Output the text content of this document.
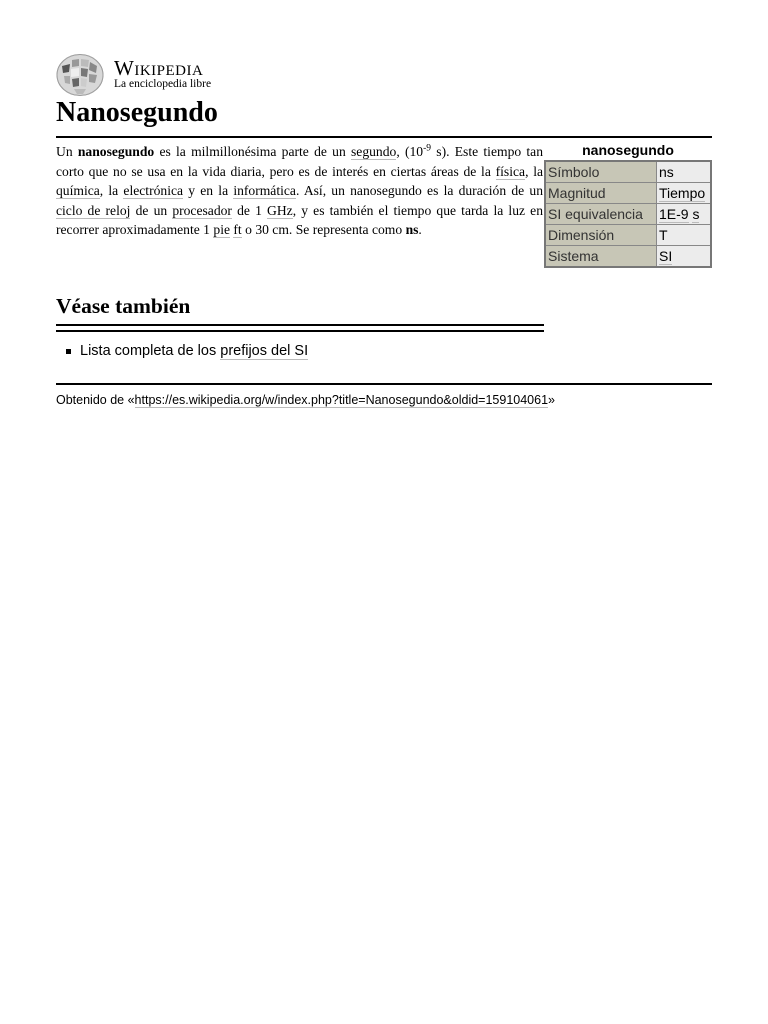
Wikipedia
La enciclopedia libre
Nanosegundo
Un nanosegundo es la milmillonésima parte de un segundo, ($10^{-9}$ s). Este tiempo tan corto que no se usa en la vida diaria, pero es de interés en ciertas áreas de la física, la química, la electrónica y en la informática. Así, un nanosegundo es la duración de un ciclo de reloj de un procesador de 1 GHz, y es también el tiempo que tarda la luz en recorrer aproximadamente 1 pie ft o 30 cm. Se representa como ns.
nanosegundo
Símbolo	ns
Magnitud	Tiempo
SI equivalencia	1E-9 s
Dimensión	T
Sistema	SI
Véase también
Lista completa de los prefijos del SI
Obtenido de «https://es.wikipedia.org/w/index.php?title=Nanosegundo&oldid=159104061»
